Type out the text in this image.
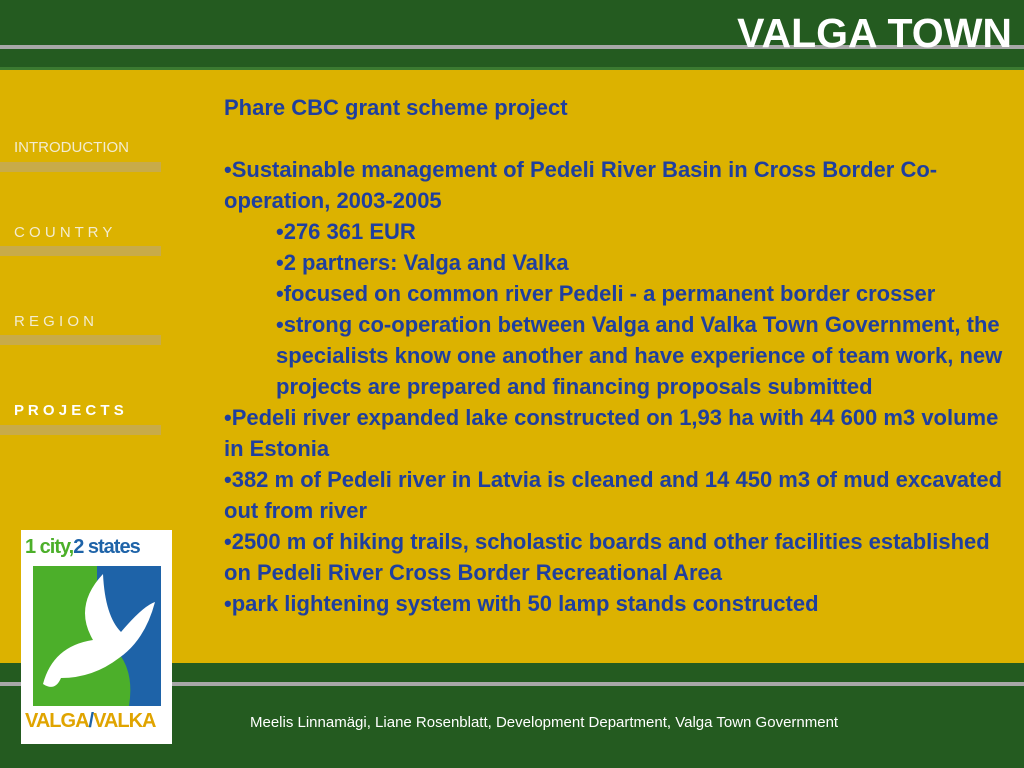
VALGA TOWN
INTRODUCTION
C O U N T R Y
R E G I O N
P R O J E C T S

Phare CBC grant scheme project

•Sustainable management of Pedeli River Basin in Cross Border Co-operation, 2003-2005

•276 361 EUR

•2 partners: Valga and Valka

•focused on common river Pedeli - a permanent border crosser

•strong co-operation between Valga and Valka Town Government, the specialists know one another and have experience of team work, new projects are prepared and financing proposals submitted

•Pedeli river expanded lake constructed on 1,93 ha with 44 600 m3 volume in Estonia

•382 m of Pedeli river in Latvia is cleaned and 14 450 m3 of mud excavated out from river

•2500 m of hiking trails, scholastic boards and other facilities established on Pedeli River Cross Border Recreational Area

•park lightening system with 50 lamp stands constructed

Meelis Linnamägi, Liane Rosenblatt, Development Department, Valga Town Government
1 city,2 states
VALGA/VALKA
